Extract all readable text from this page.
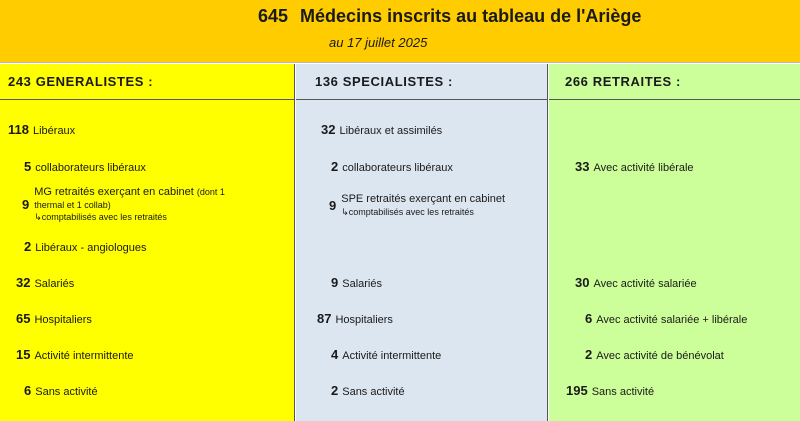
645 Médecins inscrits au tableau de l'Ariège
au 17 juillet 2025
243 GENERALISTES :
118 Libéraux
5 collaborateurs libéraux
9
MG retraités exerçant en cabinet (dont 1
thermal et 1 collab)
↳comptabilisés avec les retraités
2 Libéraux - angiologues
32 Salariés
65 Hospitaliers
15 Activité intermittente
6 Sans activité
136 SPECIALISTES :
32 Libéraux et assimilés
2 collaborateurs libéraux
9 SPE retraités exerçant en cabinet
↳comptabilisés avec les retraités
9 Salariés
87 Hospitaliers
4 Activité intermittente
2 Sans activité
266 RETRAITES :
33 Avec activité libérale
30 Avec activité salariée
6 Avec activité salariée + libérale
2 Avec activité de bénévolat
195 Sans activité
